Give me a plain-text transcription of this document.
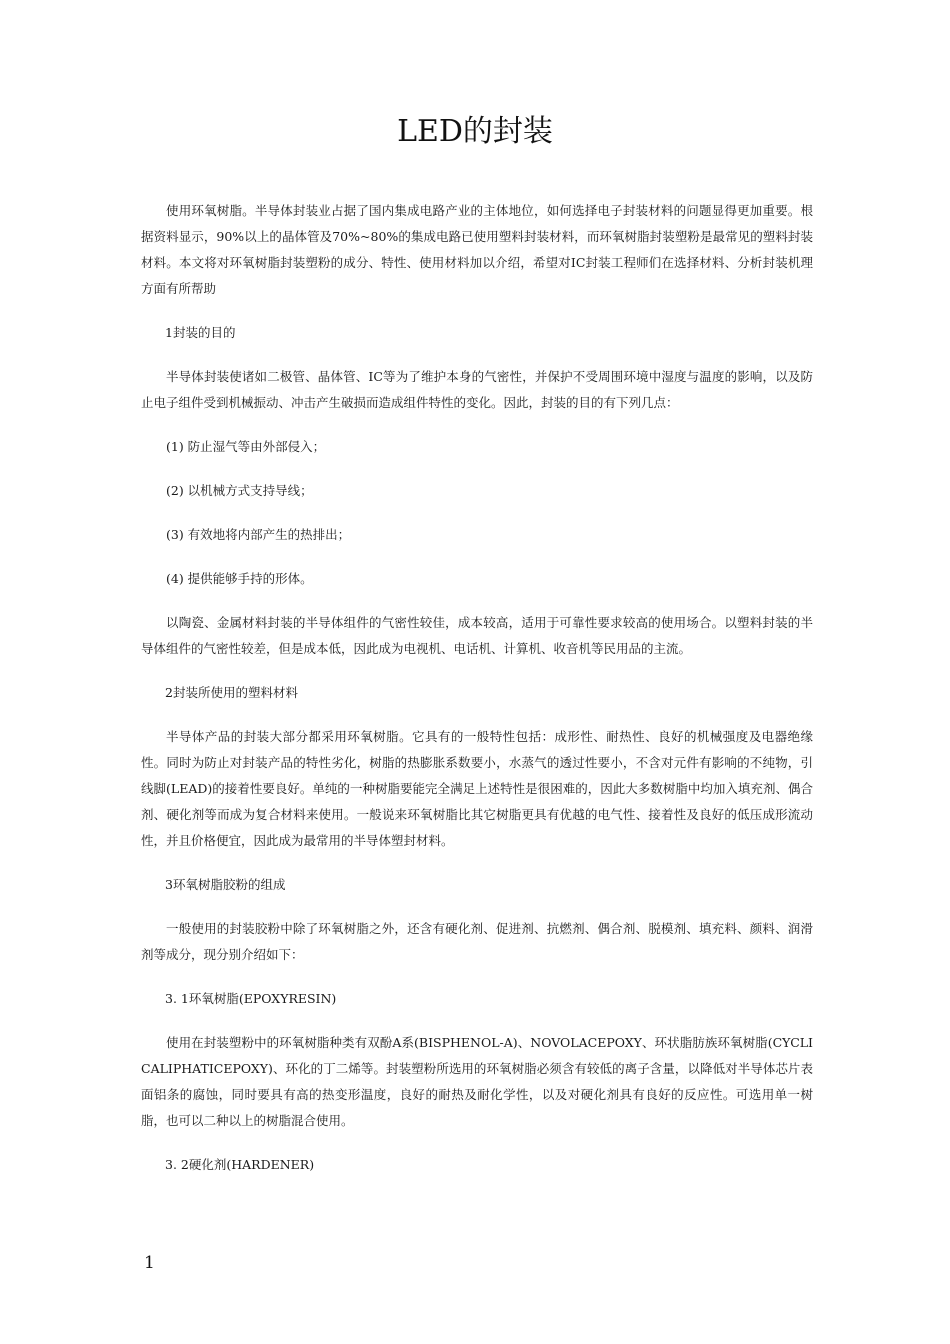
LED的封装

使用环氧树脂。半导体封装业占据了国内集成电路产业的主体地位，如何选择电子封装材料的问题显得更加重要。根据资料显示，90%以上的晶体管及70%~80%的集成电路已使用塑料封装材料，而环氧树脂封装塑粉是最常见的塑料封装材料。本文将对环氧树脂封装塑粉的成分、特性、使用材料加以介绍，希望对IC封装工程师们在选择材料、分析封装机理方面有所帮助

1封装的目的

半导体封装使诸如二极管、晶体管、IC等为了维护本身的气密性，并保护不受周围环境中湿度与温度的影响，以及防止电子组件受到机械振动、冲击产生破损而造成组件特性的变化。因此，封装的目的有下列几点：

(1) 防止湿气等由外部侵入；
(2) 以机械方式支持导线；
(3) 有效地将内部产生的热排出；
(4) 提供能够手持的形体。

以陶瓷、金属材料封装的半导体组件的气密性较佳，成本较高，适用于可靠性要求较高的使用场合。以塑料封装的半导体组件的气密性较差，但是成本低，因此成为电视机、电话机、计算机、收音机等民用品的主流。

2封装所使用的塑料材料

半导体产品的封装大部分都采用环氧树脂。它具有的一般特性包括：成形性、耐热性、良好的机械强度及电器绝缘性。同时为防止对封装产品的特性劣化，树脂的热膨胀系数要小，水蒸气的透过性要小，不含对元件有影响的不纯物，引线脚(LEAD)的接着性要良好。单纯的一种树脂要能完全满足上述特性是很困难的，因此大多数树脂中均加入填充剂、偶合剂、硬化剂等而成为复合材料来使用。一般说来环氧树脂比其它树脂更具有优越的电气性、接着性及良好的低压成形流动性，并且价格便宜，因此成为最常用的半导体塑封材料。

3环氧树脂胶粉的组成

一般使用的封装胶粉中除了环氧树脂之外，还含有硬化剂、促进剂、抗燃剂、偶合剂、脱模剂、填充料、颜料、润滑剂等成分，现分别介绍如下：

3. 1环氧树脂(EPOXYRESIN)

使用在封装塑粉中的环氧树脂种类有双酚A系(BISPHENOL-A)、NOVOLACEPOXY、环状脂肪族环氧树脂(CYCLICALIPHATICEPOXY)、环化的丁二烯等。封装塑粉所选用的环氧树脂必须含有较低的离子含量，以降低对半导体芯片表面铝条的腐蚀，同时要具有高的热变形温度，良好的耐热及耐化学性，以及对硬化剂具有良好的反应性。可选用单一树脂，也可以二种以上的树脂混合使用。

3. 2硬化剂(HARDENER)
1
